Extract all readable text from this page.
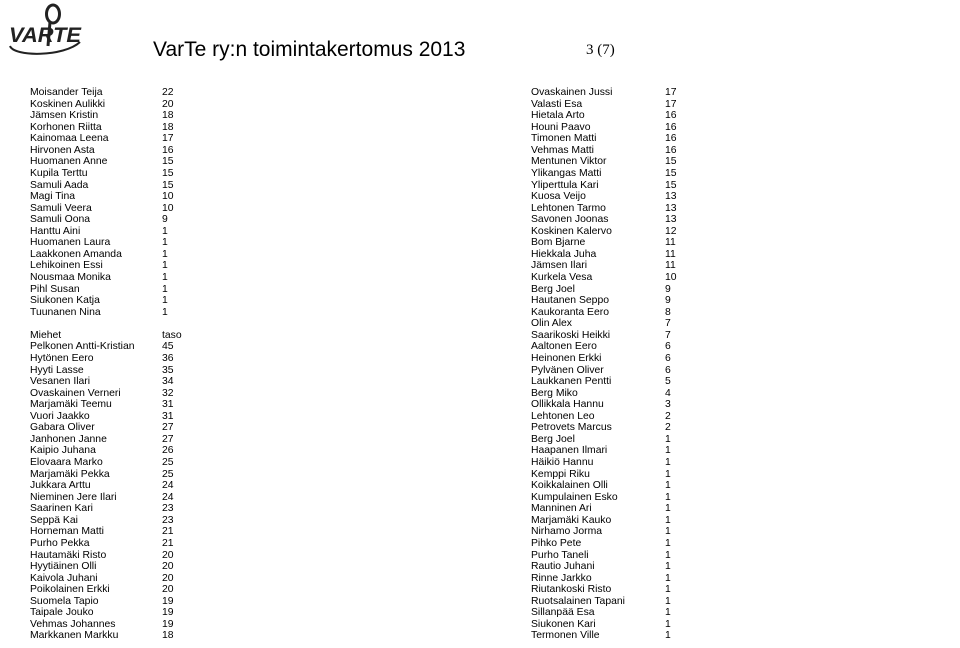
VARTE
VarTe ry:n toimintakertomus 2013	3 (7)
Moisander Teija	22
Koskinen Aulikki	20
Jämsen Kristin	18
Korhonen Riitta	18
Kainomaa Leena	17
Hirvonen Asta	16
Huomanen Anne	15
Kupila Terttu	15
Samuli Aada	15
Magi Tina	10
Samuli Veera	10
Samuli Oona	9
Hanttu Aini	1
Huomanen Laura	1
Laakkonen Amanda	1
Lehikoinen Essi	1
Nousmaa Monika	1
Pihl Susan	1
Siukonen Katja	1
Tuunanen Nina	1
Miehet	taso
Pelkonen Antti-Kristian	45
Hytönen Eero	36
Hyyti Lasse	35
Vesanen Ilari	34
Ovaskainen Verneri	32
Marjamäki Teemu	31
Vuori Jaakko	31
Gabara Oliver	27
Janhonen Janne	27
Kaipio Juhana	26
Elovaara Marko	25
Marjamäki Pekka	25
Jukkara Arttu	24
Nieminen Jere Ilari	24
Saarinen Kari	23
Seppä Kai	23
Horneman Matti	21
Purho Pekka	21
Hautamäki Risto	20
Hyytiäinen Olli	20
Kaivola Juhani	20
Poikolainen Erkki	20
Suomela Tapio	19
Taipale Jouko	19
Vehmas Johannes	19
Markkanen Markku	18
Ovaskainen Jussi	17
Valasti Esa	17
Hietala Arto	16
Houni Paavo	16
Timonen Matti	16
Vehmas Matti	16
Mentunen Viktor	15
Ylikangas Matti	15
Yliperttula Kari	15
Kuosa Veijo	13
Lehtonen Tarmo	13
Savonen Joonas	13
Koskinen Kalervo	12
Bom Bjarne	11
Hiekkala Juha	11
Jämsen Ilari	11
Kurkela Vesa	10
Berg Joel	9
Hautanen Seppo	9
Kaukoranta Eero	8
Olin Alex	7
Saarikoski Heikki	7
Aaltonen Eero	6
Heinonen Erkki	6
Pylvänen Oliver	6
Laukkanen Pentti	5
Berg Miko	4
Ollikkala Hannu	3
Lehtonen Leo	2
Petrovets Marcus	2
Berg Joel	1
Haapanen Ilmari	1
Häikiö Hannu	1
Kemppi Riku	1
Koikkalainen Olli	1
Kumpulainen Esko	1
Manninen Ari	1
Marjamäki Kauko	1
Nirhamo Jorma	1
Pihko Pete	1
Purho Taneli	1
Rautio Juhani	1
Rinne Jarkko	1
Riutankoski Risto	1
Ruotsalainen Tapani	1
Sillanpää Esa	1
Siukonen Kari	1
Termonen Ville	1
